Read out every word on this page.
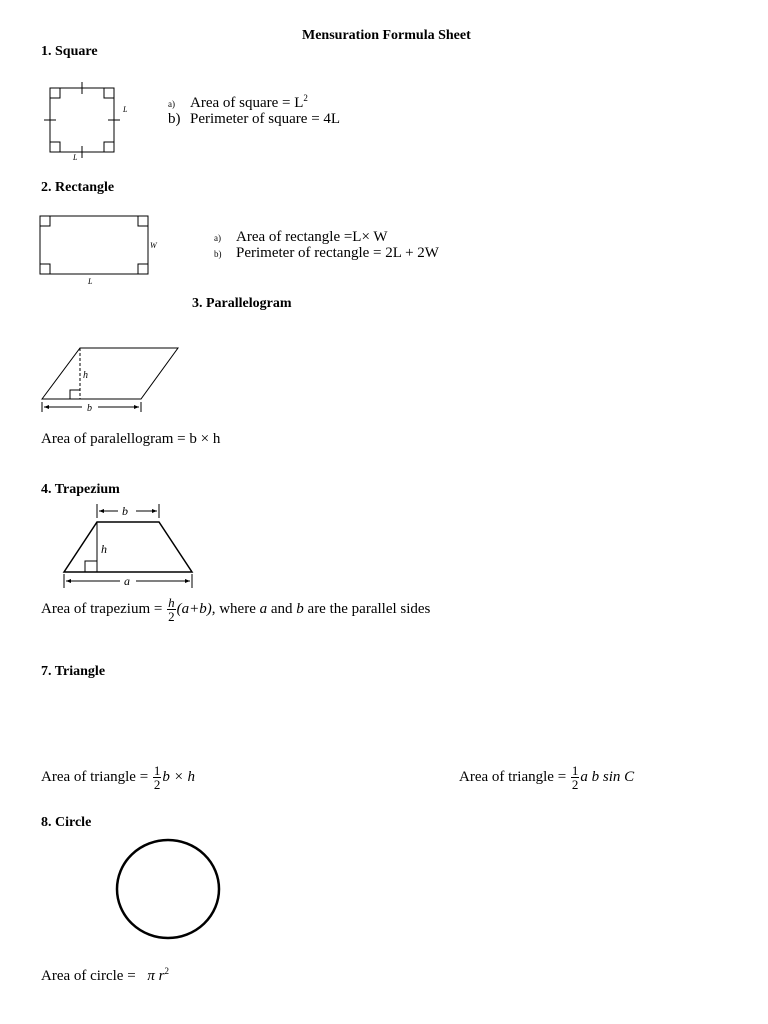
Mensuration Formula Sheet
1. Square
L
L
a) Area of square = $L^2$
b) Perimeter of square = 4L
2. Rectangle
W
L
a) Area of rectangle =L× W
b) Perimeter of rectangle = 2L + 2W
3. Parallelogram
h
b
Area of paralellogram = b × h
4. Trapezium
b
h
a
Area of trapezium = $\frac{h}{2} (a+b)$, where a and b are the parallel sides
7. Triangle
Area of triangle = $\frac{1}{2}$ b × h	Area of triangle = $\frac{1}{2}$ a b sin C
8. Circle
Area of circle = π $r^2$
